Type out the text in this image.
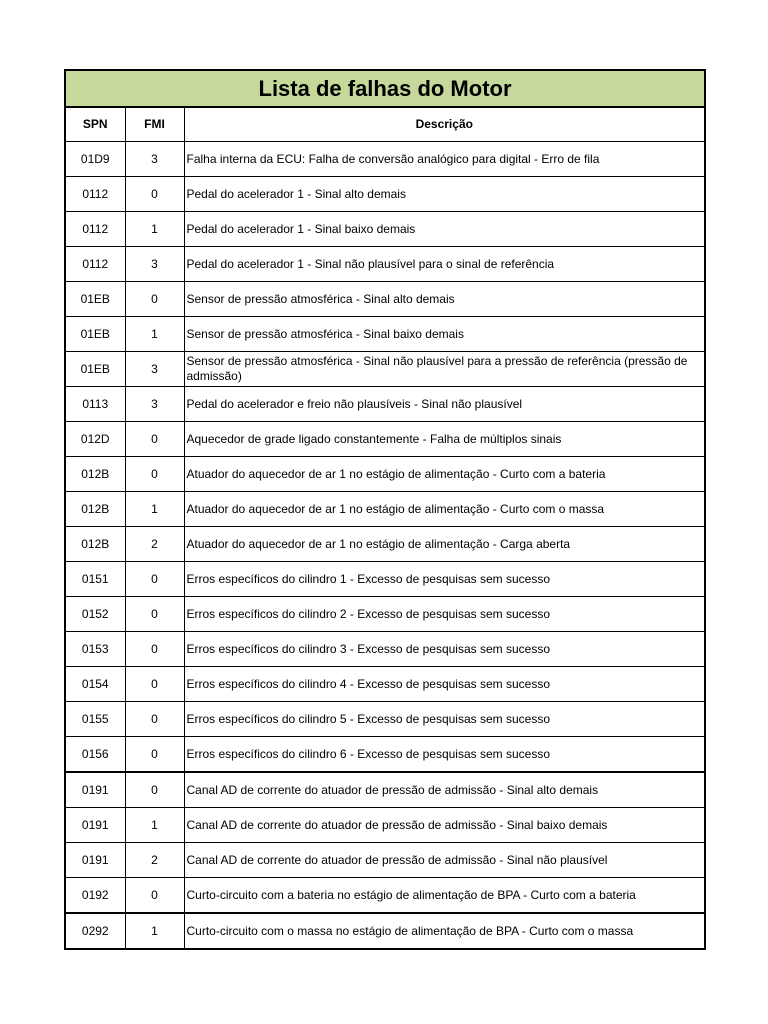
Lista de falhas do Motor		
SPN	FMI	Descrição
01D9	3	Falha interna da ECU: Falha de conversão analógico para digital - Erro de fila
0112	0	Pedal do acelerador 1 - Sinal alto demais
0112	1	Pedal do acelerador 1 - Sinal baixo demais
0112	3	Pedal do acelerador 1 - Sinal não plausível para o sinal de referência
01EB	0	Sensor de pressão atmosférica - Sinal alto demais
01EB	1	Sensor de pressão atmosférica - Sinal baixo demais
01EB	3	Sensor de pressão atmosférica - Sinal não plausível para a pressão de referência (pressão de admissão)
0113	3	Pedal do acelerador e freio não plausíveis - Sinal não plausível
012D	0	Aquecedor de grade ligado constantemente - Falha de múltiplos sinais
012B	0	Atuador do aquecedor de ar 1 no estágio de alimentação - Curto com a bateria
012B	1	Atuador do aquecedor de ar 1 no estágio de alimentação - Curto com o massa
012B	2	Atuador do aquecedor de ar 1 no estágio de alimentação - Carga aberta
0151	0	Erros específicos do cilindro 1 - Excesso de pesquisas sem sucesso
0152	0	Erros específicos do cilindro 2 - Excesso de pesquisas sem sucesso
0153	0	Erros específicos do cilindro 3 - Excesso de pesquisas sem sucesso
0154	0	Erros específicos do cilindro 4 - Excesso de pesquisas sem sucesso
0155	0	Erros específicos do cilindro 5 - Excesso de pesquisas sem sucesso
0156	0	Erros específicos do cilindro 6 - Excesso de pesquisas sem sucesso
0191	0	Canal AD de corrente do atuador de pressão de admissão - Sinal alto demais
0191	1	Canal AD de corrente do atuador de pressão de admissão - Sinal baixo demais
0191	2	Canal AD de corrente do atuador de pressão de admissão - Sinal não plausível
0192	0	Curto-circuito com a bateria no estágio de alimentação de BPA - Curto com a bateria
0292	1	Curto-circuito com o massa no estágio de alimentação de BPA - Curto com o massa
